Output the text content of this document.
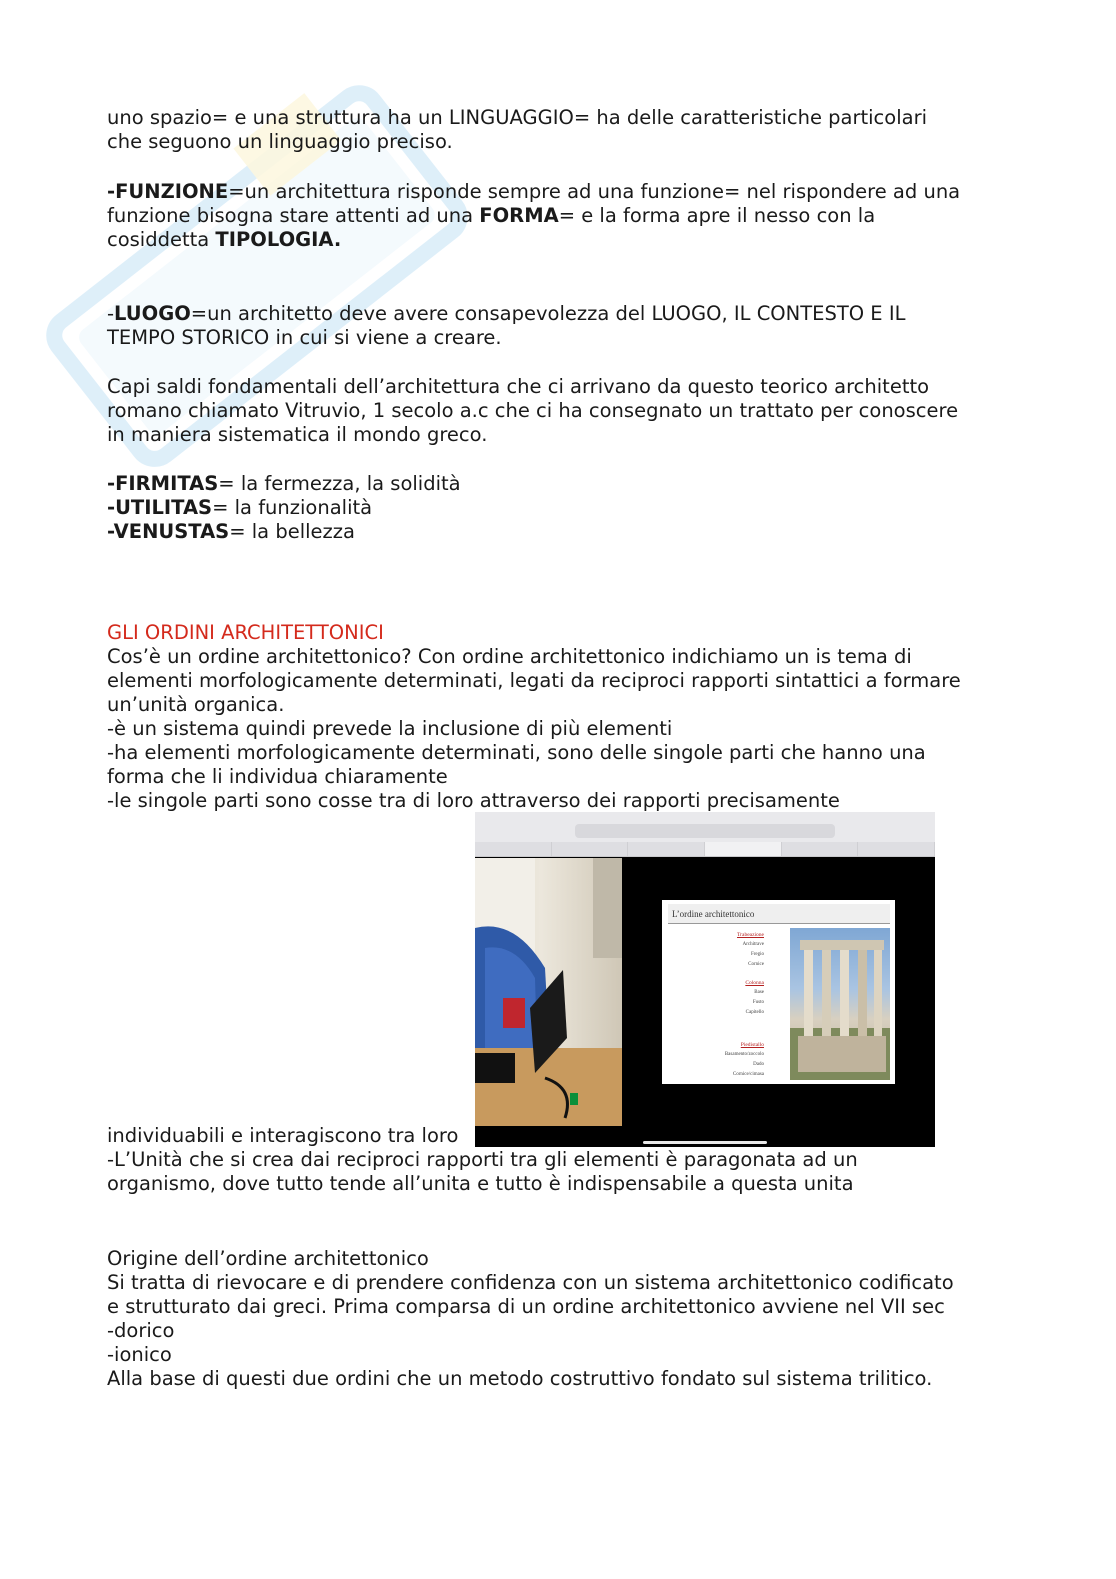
uno spazio= e una struttura ha un LINGUAGGIO= ha delle caratteristiche particolari
che seguono un linguaggio preciso.
-FUNZIONE=un architettura risponde sempre ad una funzione= nel rispondere ad una
funzione bisogna stare attenti ad una FORMA= e la forma apre il nesso con la
cosiddetta TIPOLOGIA.
-LUOGO=un architetto deve avere consapevolezza del LUOGO, IL CONTESTO E IL
TEMPO STORICO in cui si viene a creare.
Capi saldi fondamentali dell’architettura che ci arrivano da questo teorico architetto
romano chiamato Vitruvio, 1 secolo a.c che ci ha consegnato un trattato per conoscere
in maniera sistematica il mondo greco.
-FIRMITAS= la fermezza, la solidità
-UTILITAS= la funzionalità
-VENUSTAS= la bellezza
GLI ORDINI ARCHITETTONICI
Cos’è un ordine architettonico? Con ordine architettonico indichiamo un is tema di
elementi morfologicamente determinati, legati da reciproci rapporti sintattici a formare
un’unità organica.
-è un sistema quindi prevede la inclusione di più elementi
-ha elementi morfologicamente determinati, sono delle singole parti che hanno una
forma che li individua chiaramente
-le singole parti sono cosse tra di loro attraverso dei rapporti precisamente
L’ordine architettonico
Trabeazione
Architrave
Fregio
Cornice
Colonna
Base
Fusto
Capitello
Piedistallo
Basamento/zoccolo
Dado
Cornice/cimasa
individuabili e interagiscono tra loro
-L’Unità che si crea dai reciproci rapporti tra gli elementi è paragonata ad un
organismo, dove tutto tende all’unita e tutto è indispensabile a questa unita
Origine dell’ordine architettonico
Si tratta di rievocare e di prendere confidenza con un sistema architettonico codificato
e strutturato dai greci. Prima comparsa di un ordine architettonico avviene nel VII sec
-dorico
-ionico
Alla base di questi due ordini che un metodo costruttivo fondato sul sistema trilitico.
